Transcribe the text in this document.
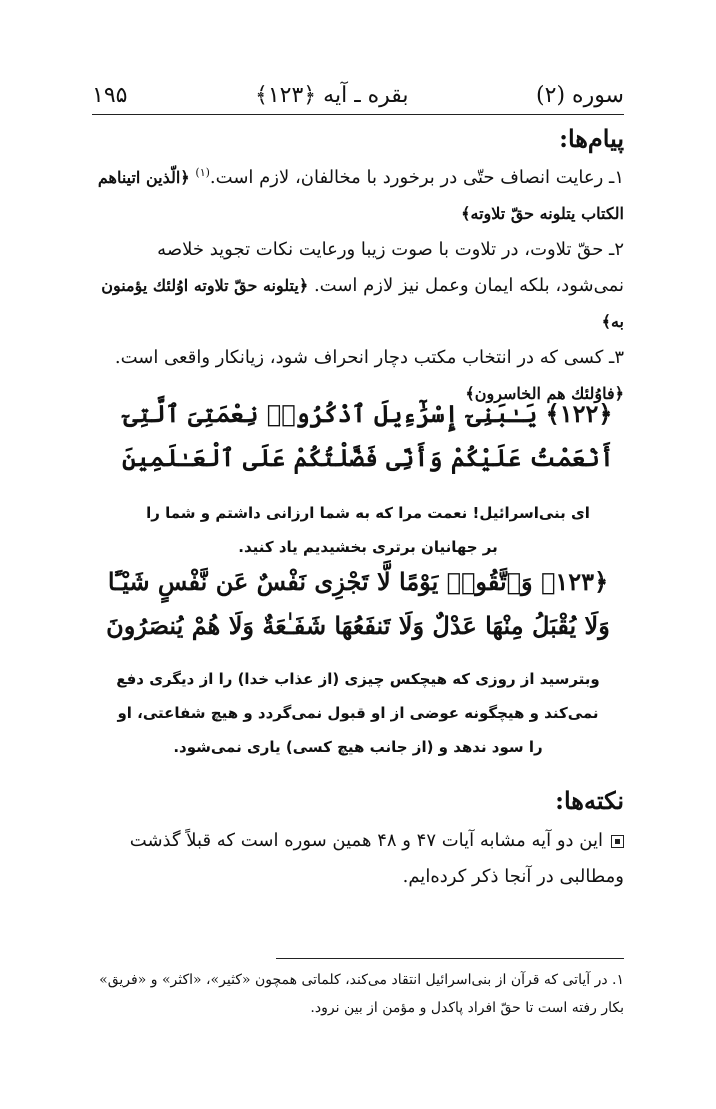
سوره (۲)
بقره ـ آیه ﴿۱۲۳﴾
۱۹۵
پیام‌ها:

۱ـ رعایت انصاف حتّی در برخورد با مخالفان، لازم است.$^{(۱)}$ ﴿الّذین اتیناهم الکتاب یتلونه حقّ تلاوته﴾

۲ـ حقّ تلاوت، در تلاوت با صوت زیبا ورعایت نکات تجوید خلاصه نمی‌شود، بلکه ایمان وعمل نیز لازم است. ﴿یتلونه حقّ تلاوته اوُلئك یؤمنون به﴾

۳ـ کسی که در انتخاب مکتب دچار انحراف شود، زیانکار واقعی است. ﴿فاوُلئك هم الخاسرون﴾

﴿۱۲۲﴾ يَـٰبَنِىٓ إِسْرَٰٓءِيلَ ٱذْكُرُوا۟ نِعْمَتِىَ ٱلَّتِىٓ أَنْعَمْتُ عَلَيْكُمْ وَأَنِّى فَضَّلْتُكُمْ عَلَى ٱلْعَـٰلَمِينَ

ای بنی‌اسرائیل! نعمت مرا که به شما ارزانی داشتم و شما را بر جهانیان برتری بخشیدیم یاد کنید.

﴿۱۲۳﴾ وَٱتَّقُوا۟ يَوْمًا لَّا تَجْزِى نَفْسٌ عَن نَّفْسٍ شَيْـًٔا وَلَا يُقْبَلُ مِنْهَا عَدْلٌ وَلَا تَنفَعُهَا شَفَـٰعَةٌ وَلَا هُمْ يُنصَرُونَ

وبترسید از روزی که هیچکس چیزی (از عذاب خدا) را از دیگری دفع نمی‌کند و هیچگونه عوضی از او قبول نمی‌گردد و هیچ شفاعتی، او را سود ندهد و (از جانب هیچ کسی) یاری نمی‌شود.

نکته‌ها:

این دو آیه مشابه آیات ۴۷ و ۴۸ همین سوره است که قبلاً گذشت ومطالبی در آنجا ذکر کرده‌ایم.

۱. در آیاتی که قرآن از بنی‌اسرائیل انتقاد می‌کند، کلماتی همچون «کثیر»، «اکثر» و «فریق» بکار رفته است تا حقّ افراد پاکدل و مؤمن از بین نرود.
